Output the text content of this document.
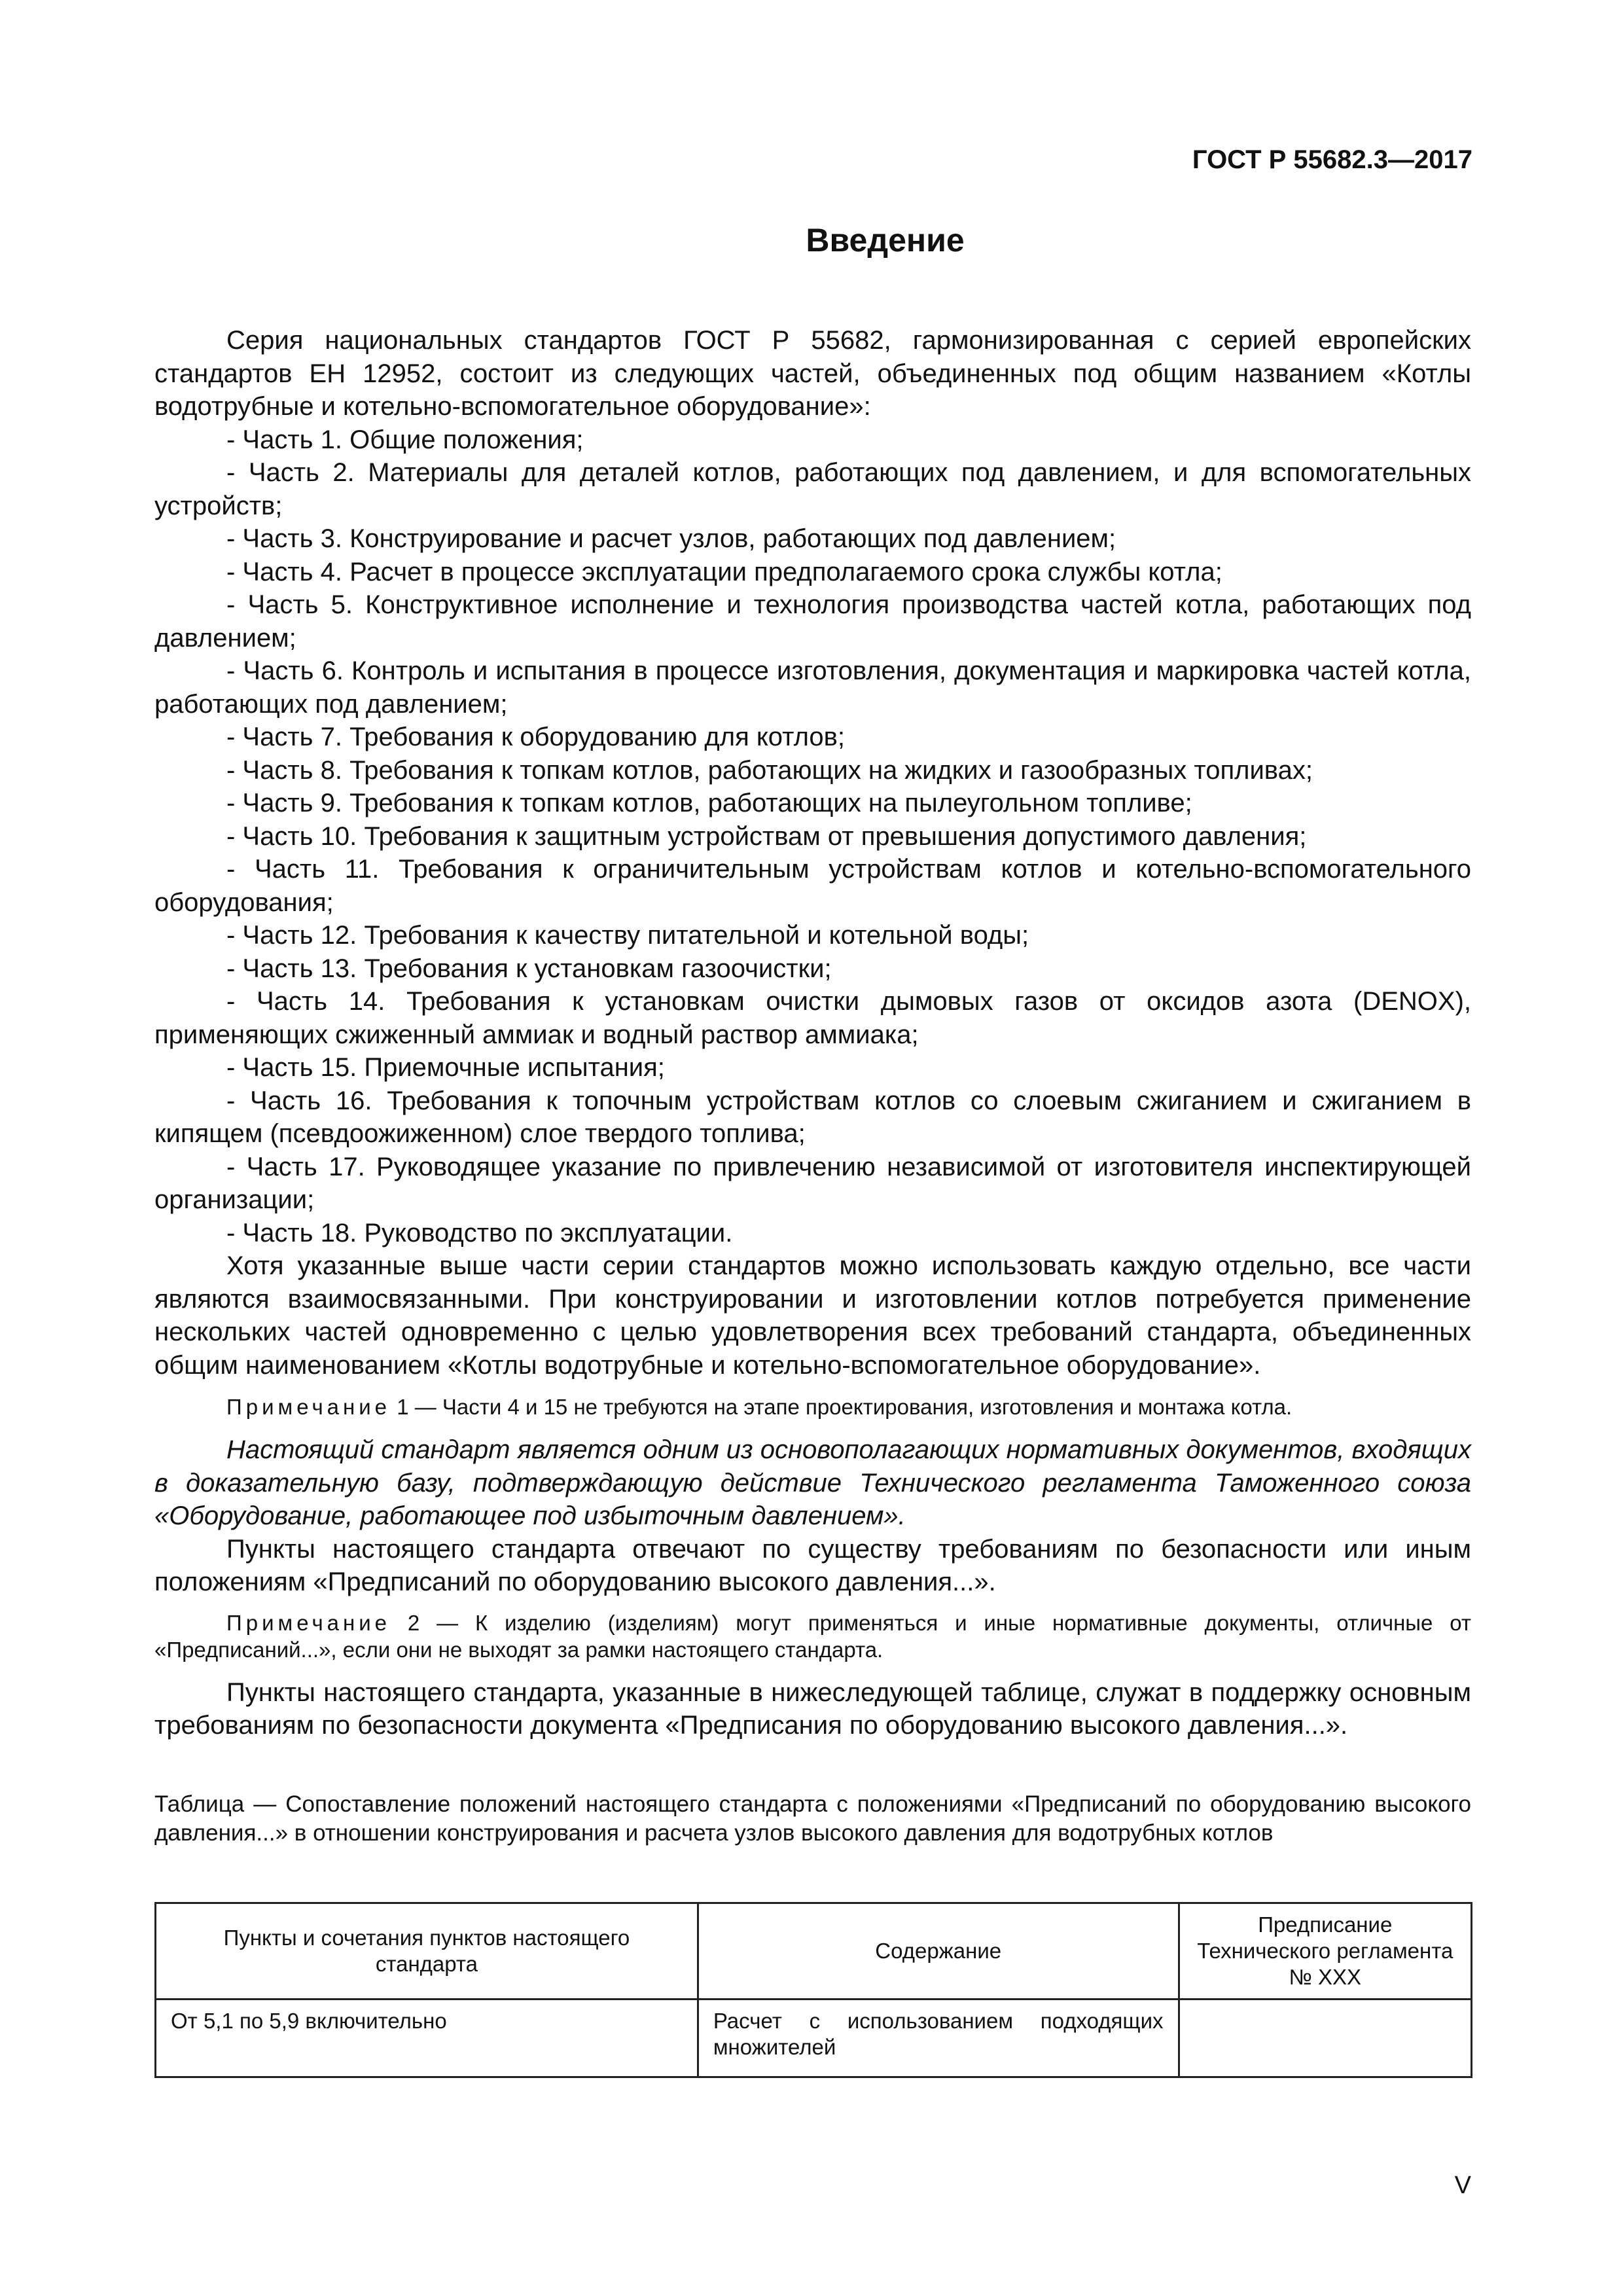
ГОСТ Р 55682.3—2017
Введение

Серия национальных стандартов ГОСТ Р 55682, гармонизированная с серией европейских стандартов ЕН 12952, состоит из следующих частей, объединенных под общим названием «Котлы водотрубные и котельно-вспомогательное оборудование»:

- Часть 1. Общие положения;

- Часть 2. Материалы для деталей котлов, работающих под давлением, и для вспомогательных устройств;

- Часть 3. Конструирование и расчет узлов, работающих под давлением;

- Часть 4. Расчет в процессе эксплуатации предполагаемого срока службы котла;

- Часть 5. Конструктивное исполнение и технология производства частей котла, работающих под давлением;

- Часть 6. Контроль и испытания в процессе изготовления, документация и маркировка частей котла, работающих под давлением;

- Часть 7. Требования к оборудованию для котлов;

- Часть 8. Требования к топкам котлов, работающих на жидких и газообразных топливах;

- Часть 9. Требования к топкам котлов, работающих на пылеугольном топливе;

- Часть 10. Требования к защитным устройствам от превышения допустимого давления;

- Часть 11. Требования к ограничительным устройствам котлов и котельно-вспомогательного оборудования;

- Часть 12. Требования к качеству питательной и котельной воды;

- Часть 13. Требования к установкам газоочистки;

- Часть 14. Требования к установкам очистки дымовых газов от оксидов азота (DENOX), применяющих сжиженный аммиак и водный раствор аммиака;

- Часть 15. Приемочные испытания;

- Часть 16. Требования к топочным устройствам котлов со слоевым сжиганием и сжиганием в кипящем (псевдоожиженном) слое твердого топлива;

- Часть 17. Руководящее указание по привлечению независимой от изготовителя инспектирующей организации;

- Часть 18. Руководство по эксплуатации.

Хотя указанные выше части серии стандартов можно использовать каждую отдельно, все части являются взаимосвязанными. При конструировании и изготовлении котлов потребуется применение нескольких частей одновременно с целью удовлетворения всех требований стандарта, объединенных общим наименованием «Котлы водотрубные и котельно-вспомогательное оборудование».

Примечание 1 — Части 4 и 15 не требуются на этапе проектирования, изготовления и монтажа котла.

Настоящий стандарт является одним из основополагающих нормативных документов, входящих в доказательную базу, подтверждающую действие Технического регламента Таможенного союза «Оборудование, работающее под избыточным давлением».

Пункты настоящего стандарта отвечают по существу требованиям по безопасности или иным положениям «Предписаний по оборудованию высокого давления...».

Примечание 2 — К изделию (изделиям) могут применяться и иные нормативные документы, отличные от «Предписаний...», если они не выходят за рамки настоящего стандарта.

Пункты настоящего стандарта, указанные в нижеследующей таблице, служат в поддержку основным требованиям по безопасности документа «Предписания по оборудованию высокого давления...».

Таблица — Сопоставление положений настоящего стандарта с положениями «Предписаний по оборудованию высокого давления...» в отношении конструирования и расчета узлов высокого давления для водотрубных котлов
Пункты и сочетания пунктов настоящего стандарта	Содержание	Предписание Технического регламента № XXX
От 5,1 по 5,9 включительно	Расчет с использованием подходящих множителей	
V
